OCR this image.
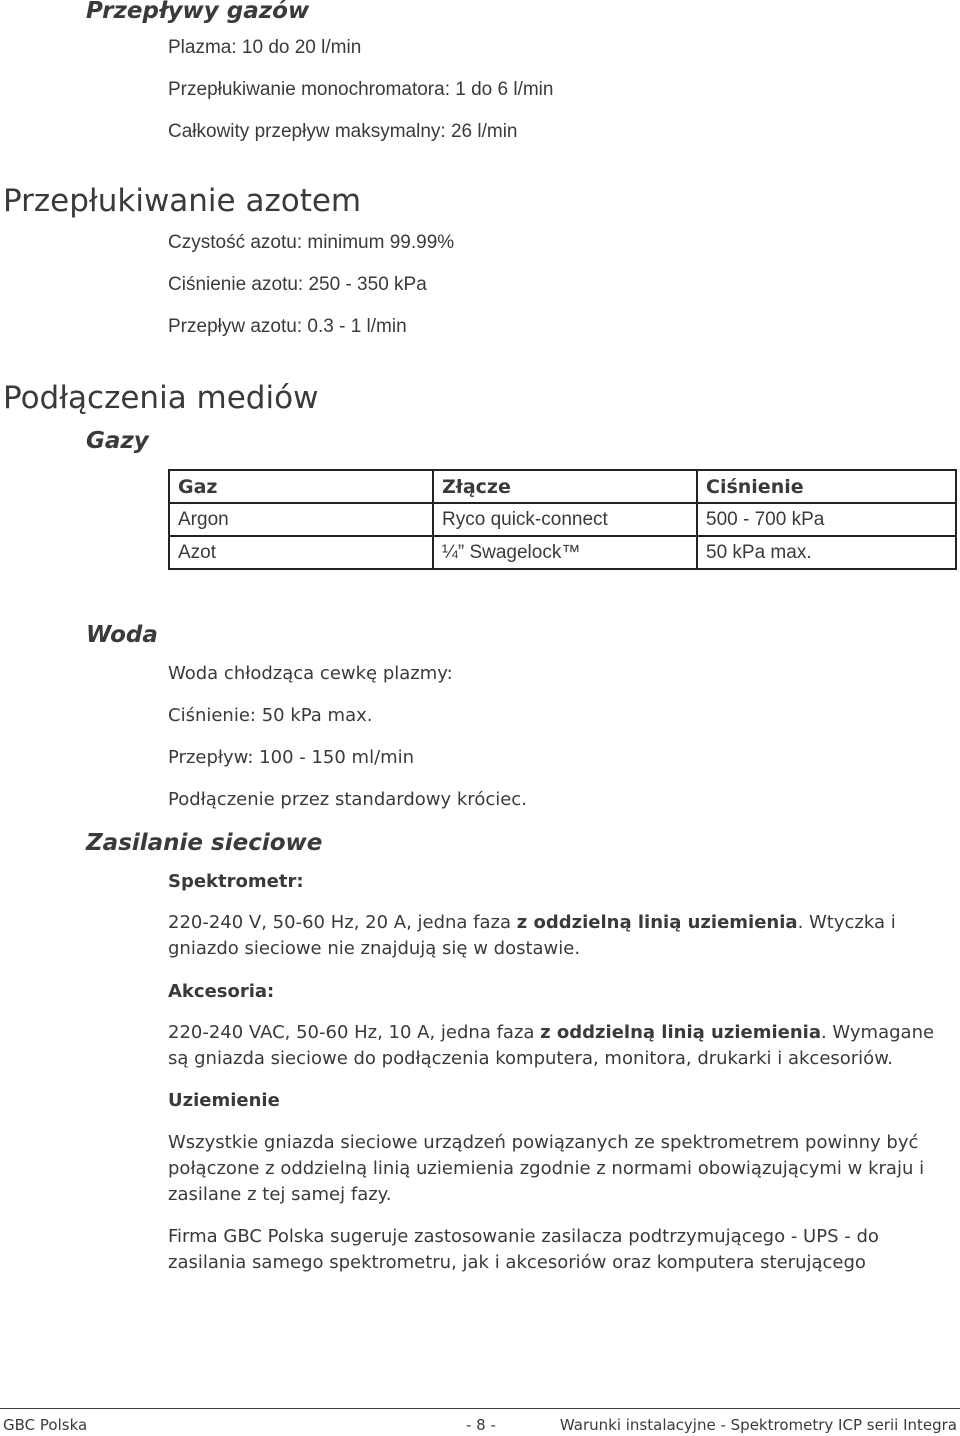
Przepływy gazów
Plazma: 10 do 20 l/min
Przepłukiwanie monochromatora: 1 do 6 l/min
Całkowity przepływ maksymalny: 26 l/min
Przepłukiwanie azotem
Czystość azotu: minimum 99.99%
Ciśnienie azotu: 250 - 350 kPa
Przepływ azotu: 0.3 - 1 l/min
Podłączenia mediów
Gazy
Gaz	Złącze	Ciśnienie
Argon	Ryco quick-connect	500 - 700 kPa
Azot	¼” Swagelock™	50 kPa max.
Woda
Woda chłodząca cewkę plazmy:
Ciśnienie: 50 kPa max.
Przepływ: 100 - 150 ml/min
Podłączenie przez standardowy króciec.
Zasilanie sieciowe
Spektrometr:
220-240 V, 50-60 Hz, 20 A, jedna faza z oddzielną linią uziemienia. Wtyczka i gniazdo sieciowe nie znajdują się w dostawie.
Akcesoria:
220-240 VAC, 50-60 Hz, 10 A, jedna faza z oddzielną linią uziemienia. Wymagane są gniazda sieciowe do podłączenia komputera, monitora, drukarki i akcesoriów.
Uziemienie
Wszystkie gniazda sieciowe urządzeń powiązanych ze spektrometrem powinny być połączone z oddzielną linią uziemienia zgodnie z normami obowiązującymi w kraju i zasilane z tej samej fazy.
Firma GBC Polska sugeruje zastosowanie zasilacza podtrzymującego - UPS - do zasilania samego spektrometru, jak i akcesoriów oraz komputera sterującego
GBC Polska	- 8 -	Warunki instalacyjne - Spektrometry ICP serii Integra
